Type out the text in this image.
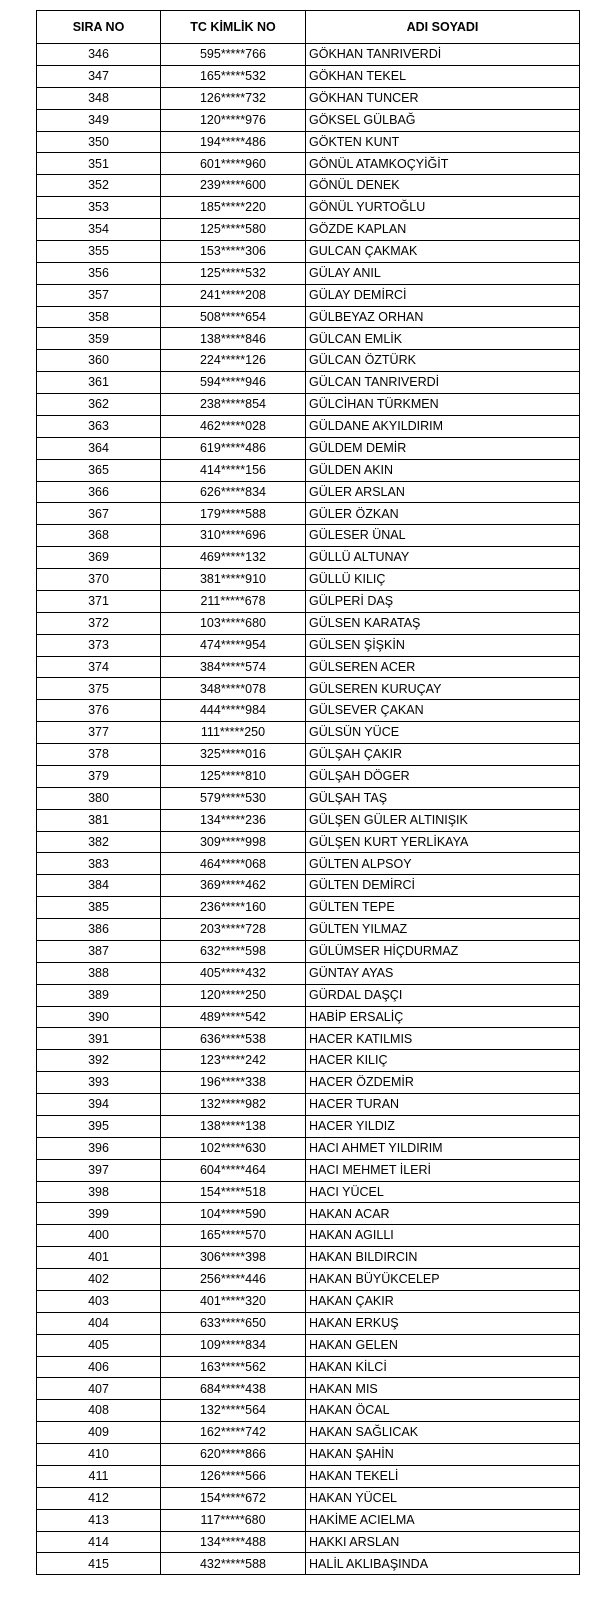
SIRA NO	TC KİMLİK NO	ADI SOYADI
346	595*****766	GÖKHAN TANRIVERDİ
347	165*****532	GÖKHAN TEKEL
348	126*****732	GÖKHAN TUNCER
349	120*****976	GÖKSEL GÜLBAĞ
350	194*****486	GÖKTEN KUNT
351	601*****960	GÖNÜL ATAMKOÇYİĞİT
352	239*****600	GÖNÜL DENEK
353	185*****220	GÖNÜL YURTOĞLU
354	125*****580	GÖZDE KAPLAN
355	153*****306	GULCAN ÇAKMAK
356	125*****532	GÜLAY ANIL
357	241*****208	GÜLAY DEMİRCİ
358	508*****654	GÜLBEYAZ ORHAN
359	138*****846	GÜLCAN EMLİK
360	224*****126	GÜLCAN ÖZTÜRK
361	594*****946	GÜLCAN TANRIVERDİ
362	238*****854	GÜLCİHAN TÜRKMEN
363	462*****028	GÜLDANE AKYILDIRIM
364	619*****486	GÜLDEM DEMİR
365	414*****156	GÜLDEN AKIN
366	626*****834	GÜLER ARSLAN
367	179*****588	GÜLER ÖZKAN
368	310*****696	GÜLESER ÜNAL
369	469*****132	GÜLLÜ ALTUNAY
370	381*****910	GÜLLÜ KILIÇ
371	211*****678	GÜLPERİ DAŞ
372	103*****680	GÜLSEN KARATAŞ
373	474*****954	GÜLSEN ŞİŞKİN
374	384*****574	GÜLSEREN ACER
375	348*****078	GÜLSEREN KURUÇAY
376	444*****984	GÜLSEVER ÇAKAN
377	111*****250	GÜLSÜN YÜCE
378	325*****016	GÜLŞAH ÇAKIR
379	125*****810	GÜLŞAH DÖGER
380	579*****530	GÜLŞAH TAŞ
381	134*****236	GÜLŞEN GÜLER ALTINIŞIK
382	309*****998	GÜLŞEN KURT YERLİKAYA
383	464*****068	GÜLTEN ALPSOY
384	369*****462	GÜLTEN DEMİRCİ
385	236*****160	GÜLTEN TEPE
386	203*****728	GÜLTEN YILMAZ
387	632*****598	GÜLÜMSER HİÇDURMAZ
388	405*****432	GÜNTAY AYAS
389	120*****250	GÜRDAL DAŞÇI
390	489*****542	HABİP ERSALİÇ
391	636*****538	HACER KATILMIS
392	123*****242	HACER KILIÇ
393	196*****338	HACER ÖZDEMİR
394	132*****982	HACER TURAN
395	138*****138	HACER YILDIZ
396	102*****630	HACI AHMET YILDIRIM
397	604*****464	HACI MEHMET İLERİ
398	154*****518	HACI YÜCEL
399	104*****590	HAKAN ACAR
400	165*****570	HAKAN AGILLI
401	306*****398	HAKAN BILDIRCIN
402	256*****446	HAKAN BÜYÜKCELEP
403	401*****320	HAKAN ÇAKIR
404	633*****650	HAKAN ERKUŞ
405	109*****834	HAKAN GELEN
406	163*****562	HAKAN KİLCİ
407	684*****438	HAKAN MIS
408	132*****564	HAKAN ÖCAL
409	162*****742	HAKAN SAĞLICAK
410	620*****866	HAKAN ŞAHİN
411	126*****566	HAKAN TEKELİ
412	154*****672	HAKAN YÜCEL
413	117*****680	HAKİME ACIELMA
414	134*****488	HAKKI ARSLAN
415	432*****588	HALİL AKLIBAŞINDA
